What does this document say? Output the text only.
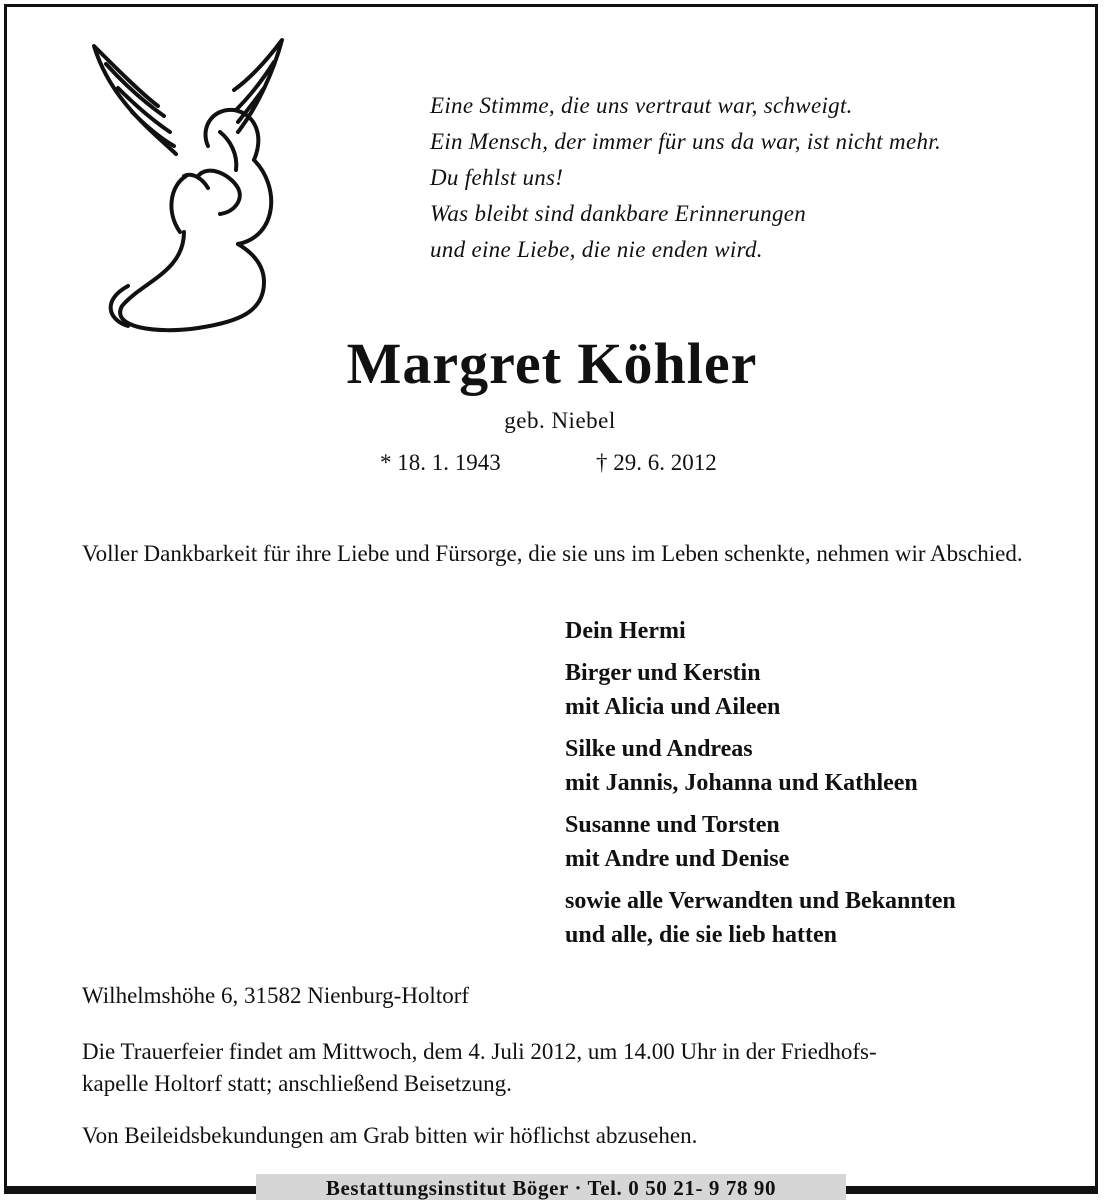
Eine Stimme, die uns vertraut war, schweigt.
Ein Mensch, der immer für uns da war, ist nicht mehr.
Du fehlst uns!
Was bleibt sind dankbare Erinnerungen
und eine Liebe, die nie enden wird.
Margret Köhler
geb. Niebel
* 18. 1. 1943	† 29. 6. 2012
Voller Dankbarkeit für ihre Liebe und Fürsorge, die sie uns im Leben schenkte, nehmen wir Abschied.
Dein Hermi
Birger und Kerstin
mit Alicia und Aileen
Silke und Andreas
mit Jannis, Johanna und Kathleen
Susanne und Torsten
mit Andre und Denise
sowie alle Verwandten und Bekannten
und alle, die sie lieb hatten
Wilhelmshöhe 6, 31582 Nienburg-Holtorf
Die Trauerfeier findet am Mittwoch, dem 4. Juli 2012, um 14.00 Uhr in der Friedhofs-
kapelle Holtorf statt; anschließend Beisetzung.
Von Beileidsbekundungen am Grab bitten wir höflichst abzusehen.
Bestattungsinstitut Böger · Tel. 0 50 21- 9 78 90
